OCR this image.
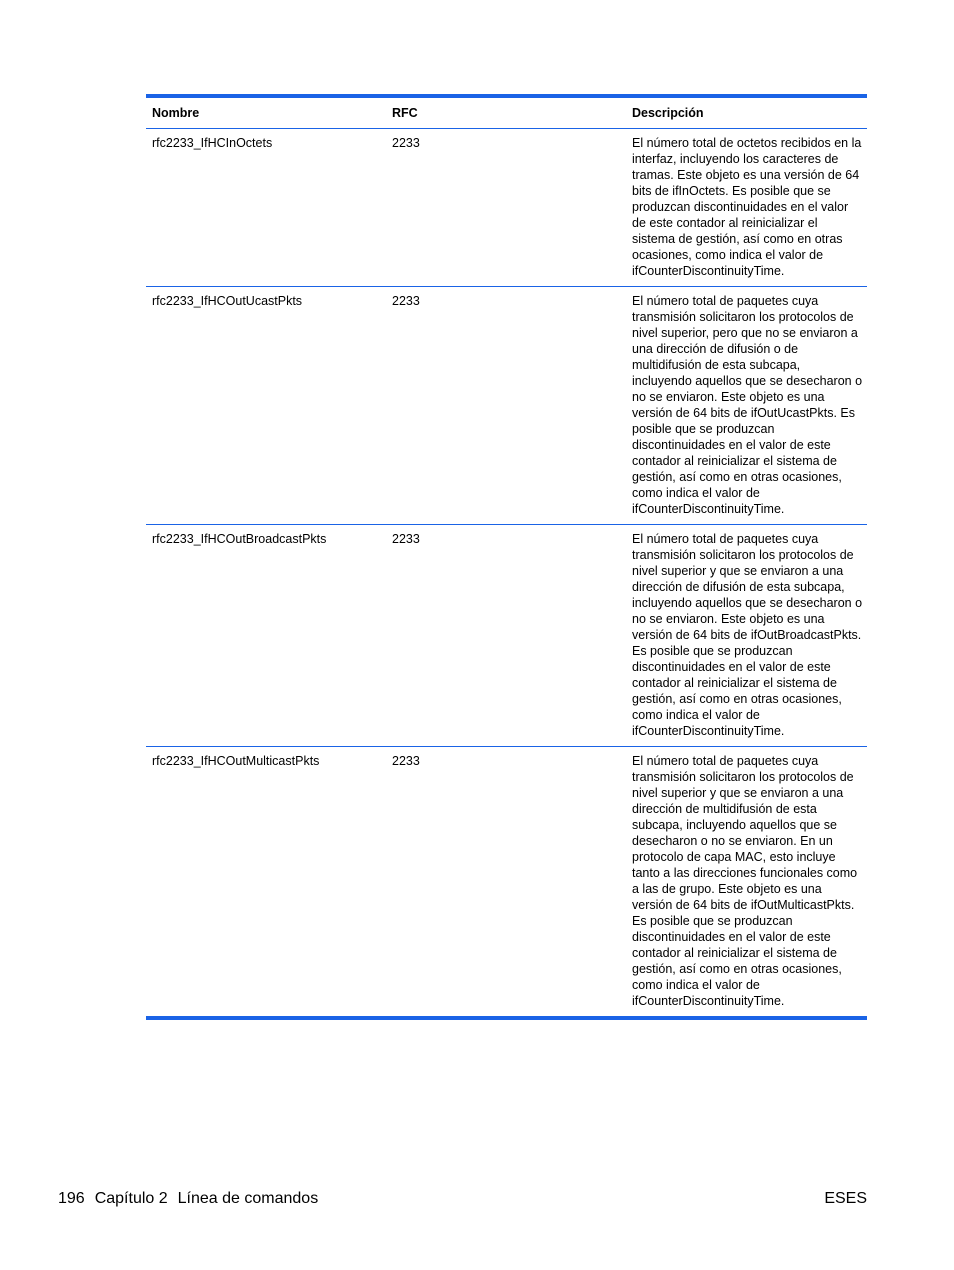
Nombre	RFC	Descripción
rfc2233_IfHCInOctets	2233	El número total de octetos recibidos en la interfaz, incluyendo los caracteres de tramas. Este objeto es una versión de 64 bits de ifInOctets. Es posible que se produzcan discontinuidades en el valor de este contador al reinicializar el sistema de gestión, así como en otras ocasiones, como indica el valor de ifCounterDiscontinuityTime.
rfc2233_IfHCOutUcastPkts	2233	El número total de paquetes cuya transmisión solicitaron los protocolos de nivel superior, pero que no se enviaron a una dirección de difusión o de multidifusión de esta subcapa, incluyendo aquellos que se desecharon o no se enviaron. Este objeto es una versión de 64 bits de ifOutUcastPkts. Es posible que se produzcan discontinuidades en el valor de este contador al reinicializar el sistema de gestión, así como en otras ocasiones, como indica el valor de ifCounterDiscontinuityTime.
rfc2233_IfHCOutBroadcastPkts	2233	El número total de paquetes cuya transmisión solicitaron los protocolos de nivel superior y que se enviaron a una dirección de difusión de esta subcapa, incluyendo aquellos que se desecharon o no se enviaron. Este objeto es una versión de 64 bits de ifOutBroadcastPkts. Es posible que se produzcan discontinuidades en el valor de este contador al reinicializar el sistema de gestión, así como en otras ocasiones, como indica el valor de ifCounterDiscontinuityTime.
rfc2233_IfHCOutMulticastPkts	2233	El número total de paquetes cuya transmisión solicitaron los protocolos de nivel superior y que se enviaron a una dirección de multidifusión de esta subcapa, incluyendo aquellos que se desecharon o no se enviaron. En un protocolo de capa MAC, esto incluye tanto a las direcciones funcionales como a las de grupo. Este objeto es una versión de 64 bits de ifOutMulticastPkts. Es posible que se produzcan discontinuidades en el valor de este contador al reinicializar el sistema de gestión, así como en otras ocasiones, como indica el valor de ifCounterDiscontinuityTime.
196 Capítulo 2 Línea de comandos	ESES
